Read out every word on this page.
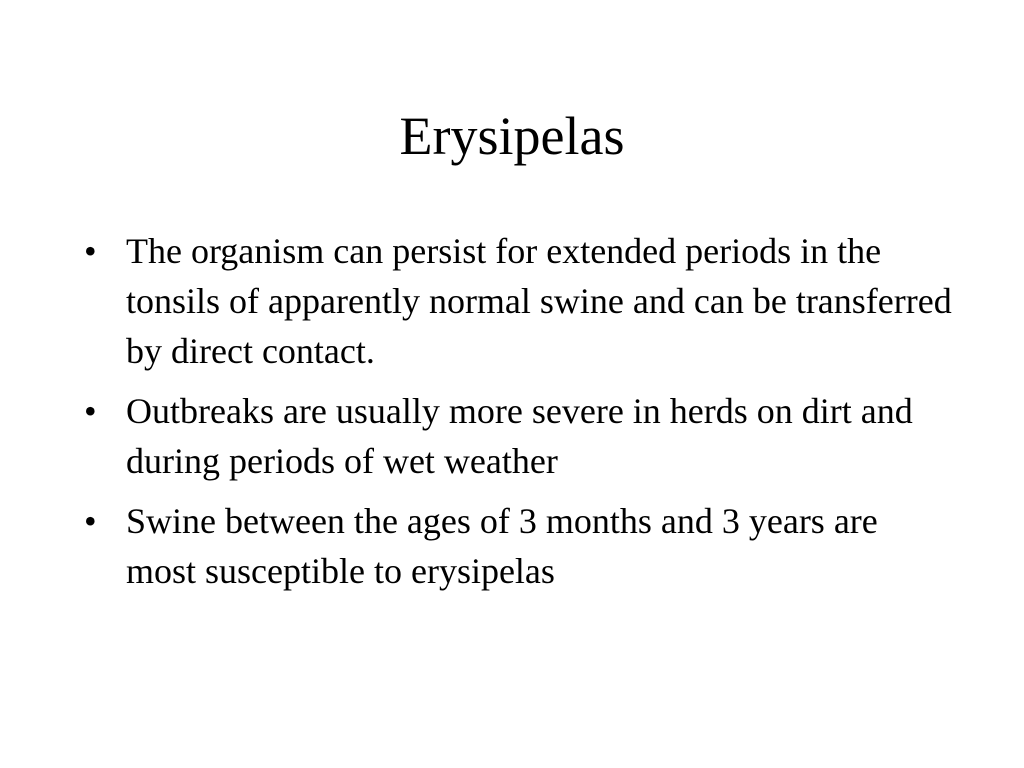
Erysipelas
• The organism can persist for extended periods in the tonsils of apparently normal swine and can be transferred by direct contact.
• Outbreaks are usually more severe in herds on dirt and during periods of wet weather
• Swine between the ages of 3 months and 3 years are most susceptible to erysipelas
